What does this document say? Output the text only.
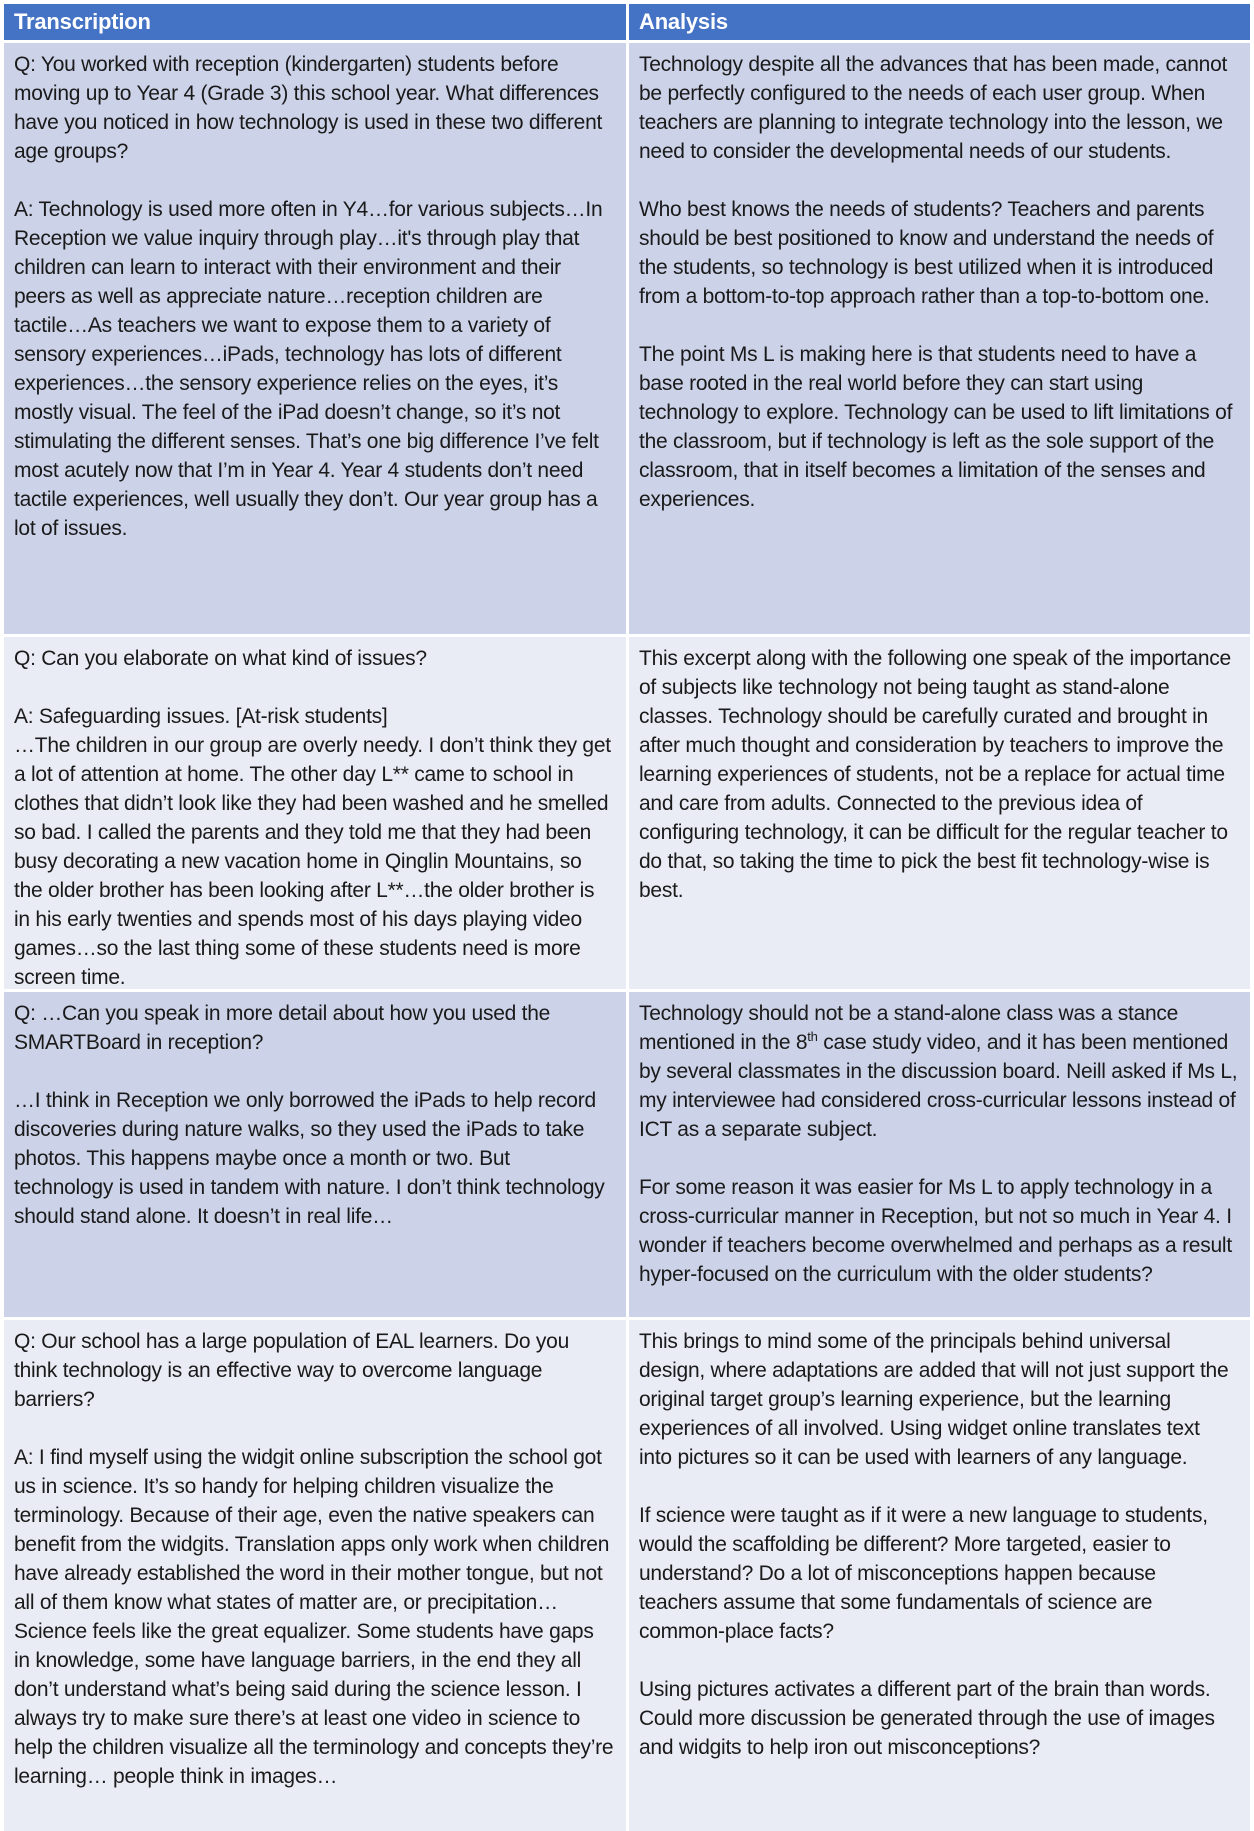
Transcription	Analysis

Q: You worked with reception (kindergarten) students before moving up to Year 4 (Grade 3) this school year. What differences have you noticed in how technology is used in these two different age groups?

A: Technology is used more often in Y4…for various subjects…In Reception we value inquiry through play…it's through play that children can learn to interact with their environment and their peers as well as appreciate nature…reception children are tactile…As teachers we want to expose them to a variety of sensory experiences…iPads, technology has lots of different experiences…the sensory experience relies on the eyes, it’s mostly visual. The feel of the iPad doesn’t change, so it’s not stimulating the different senses. That’s one big difference I’ve felt most acutely now that I’m in Year 4. Year 4 students don’t need tactile experiences, well usually they don’t. Our year group has a lot of issues.

Technology despite all the advances that has been made, cannot be perfectly configured to the needs of each user group. When teachers are planning to integrate technology into the lesson, we need to consider the developmental needs of our students.

Who best knows the needs of students? Teachers and parents should be best positioned to know and understand the needs of the students, so technology is best utilized when it is introduced from a bottom-to-top approach rather than a top-to-bottom one.

The point Ms L is making here is that students need to have a base rooted in the real world before they can start using technology to explore. Technology can be used to lift limitations of the classroom, but if technology is left as the sole support of the classroom, that in itself becomes a limitation of the senses and experiences.

Q: Can you elaborate on what kind of issues?

A: Safeguarding issues. [At-risk students]

…The children in our group are overly needy. I don’t think they get a lot of attention at home. The other day L** came to school in clothes that didn’t look like they had been washed and he smelled so bad. I called the parents and they told me that they had been busy decorating a new vacation home in Qinglin Mountains, so the older brother has been looking after L**…the older brother is in his early twenties and spends most of his days playing video games…so the last thing some of these students need is more screen time.

This excerpt along with the following one speak of the importance of subjects like technology not being taught as stand-alone classes. Technology should be carefully curated and brought in after much thought and consideration by teachers to improve the learning experiences of students, not be a replace for actual time and care from adults. Connected to the previous idea of configuring technology, it can be difficult for the regular teacher to do that, so taking the time to pick the best fit technology-wise is best.

Q: …Can you speak in more detail about how you used the SMARTBoard in reception?

…I think in Reception we only borrowed the iPads to help record discoveries during nature walks, so they used the iPads to take photos. This happens maybe once a month or two. But technology is used in tandem with nature. I don’t think technology should stand alone. It doesn’t in real life…

Technology should not be a stand-alone class was a stance mentioned in the 8th case study video, and it has been mentioned by several classmates in the discussion board. Neill asked if Ms L, my interviewee had considered cross-curricular lessons instead of ICT as a separate subject.

For some reason it was easier for Ms L to apply technology in a cross-curricular manner in Reception, but not so much in Year 4. I wonder if teachers become overwhelmed and perhaps as a result hyper-focused on the curriculum with the older students?

Q: Our school has a large population of EAL learners. Do you think technology is an effective way to overcome language barriers?

A: I find myself using the widgit online subscription the school got us in science. It’s so handy for helping children visualize the terminology. Because of their age, even the native speakers can benefit from the widgits. Translation apps only work when children have already established the word in their mother tongue, but not all of them know what states of matter are, or precipitation…Science feels like the great equalizer. Some students have gaps in knowledge, some have language barriers, in the end they all don’t understand what’s being said during the science lesson. I always try to make sure there’s at least one video in science to help the children visualize all the terminology and concepts they’re learning… people think in images…

This brings to mind some of the principals behind universal design, where adaptations are added that will not just support the original target group’s learning experience, but the learning experiences of all involved. Using widget online translates text into pictures so it can be used with learners of any language.

If science were taught as if it were a new language to students, would the scaffolding be different? More targeted, easier to understand? Do a lot of misconceptions happen because teachers assume that some fundamentals of science are common-place facts?

Using pictures activates a different part of the brain than words. Could more discussion be generated through the use of images and widgits to help iron out misconceptions?
